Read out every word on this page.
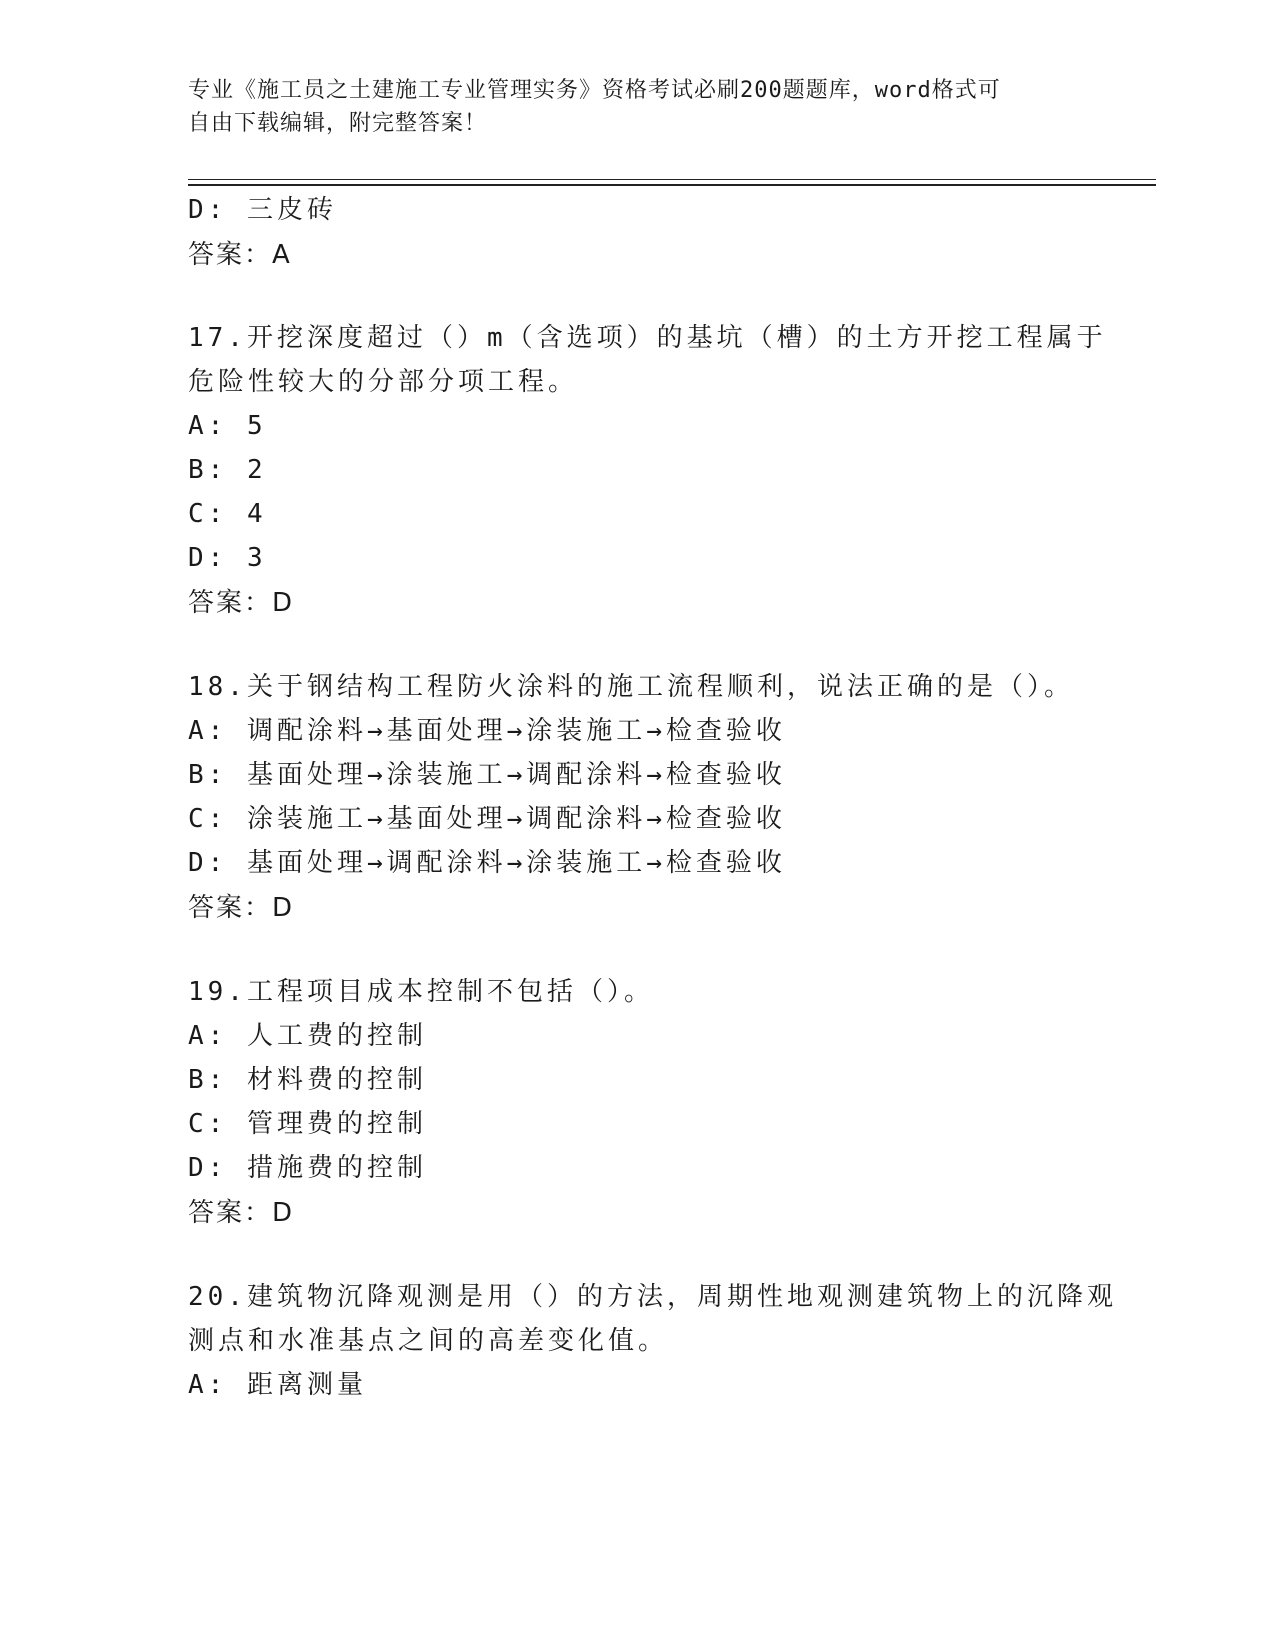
专业《施工员之土建施工专业管理实务》资格考试必刷200题题库，word格式可
自由下载编辑，附完整答案！
D: 三皮砖
答案：A
17.开挖深度超过（）m（含选项）的基坑（槽）的土方开挖工程属于
危险性较大的分部分项工程。
A: 5
B: 2
C: 4
D: 3
答案：D
18.关于钢结构工程防火涂料的施工流程顺利，说法正确的是（）。
A: 调配涂料→基面处理→涂装施工→检查验收
B: 基面处理→涂装施工→调配涂料→检查验收
C: 涂装施工→基面处理→调配涂料→检查验收
D: 基面处理→调配涂料→涂装施工→检查验收
答案：D
19.工程项目成本控制不包括（）。
A: 人工费的控制
B: 材料费的控制
C: 管理费的控制
D: 措施费的控制
答案：D
20.建筑物沉降观测是用（）的方法，周期性地观测建筑物上的沉降观
测点和水准基点之间的高差变化值。
A: 距离测量
